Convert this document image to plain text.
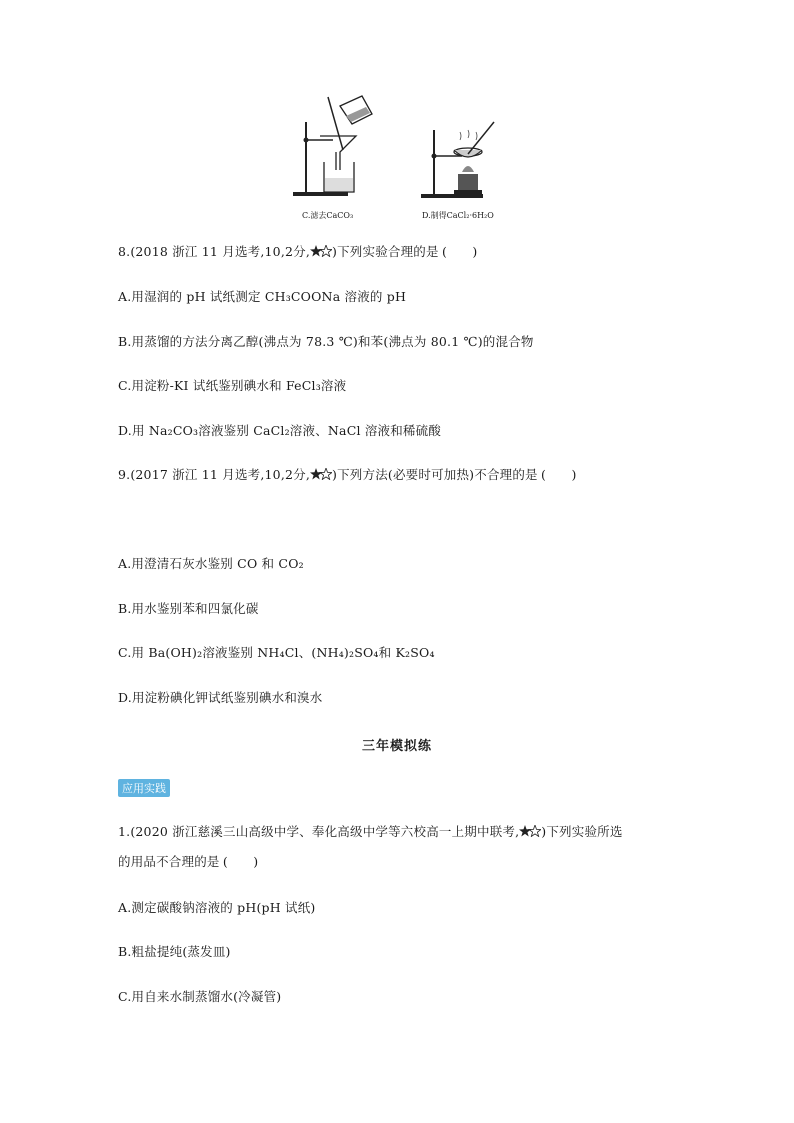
C.滤去CaCO₃	D.制得CaCl₂·6H₂O
8.(2018 浙江 11 月选考,10,2分, )下列实验合理的是 (　　)
A.用湿润的 pH 试纸测定 CH₃COONa 溶液的 pH
B.用蒸馏的方法分离乙醇(沸点为 78.3 ℃)和苯(沸点为 80.1 ℃)的混合物
C.用淀粉-KI 试纸鉴别碘水和 FeCl₃溶液
D.用 Na₂CO₃溶液鉴别 CaCl₂溶液、NaCl 溶液和稀硫酸
9.(2017 浙江 11 月选考,10,2分, )下列方法(必要时可加热)不合理的是 (　　)
A.用澄清石灰水鉴别 CO 和 CO₂
B.用水鉴别苯和四氯化碳
C.用 Ba(OH)₂溶液鉴别 NH₄Cl、(NH₄)₂SO₄和 K₂SO₄
D.用淀粉碘化钾试纸鉴别碘水和溴水
三年模拟练
应用实践
1.(2020 浙江慈溪三山高级中学、奉化高级中学等六校高一上期中联考, )下列实验所选
的用品不合理的是 (　　)
A.测定碳酸钠溶液的 pH(pH 试纸)
B.粗盐提纯(蒸发皿)
C.用自来水制蒸馏水(冷凝管)
